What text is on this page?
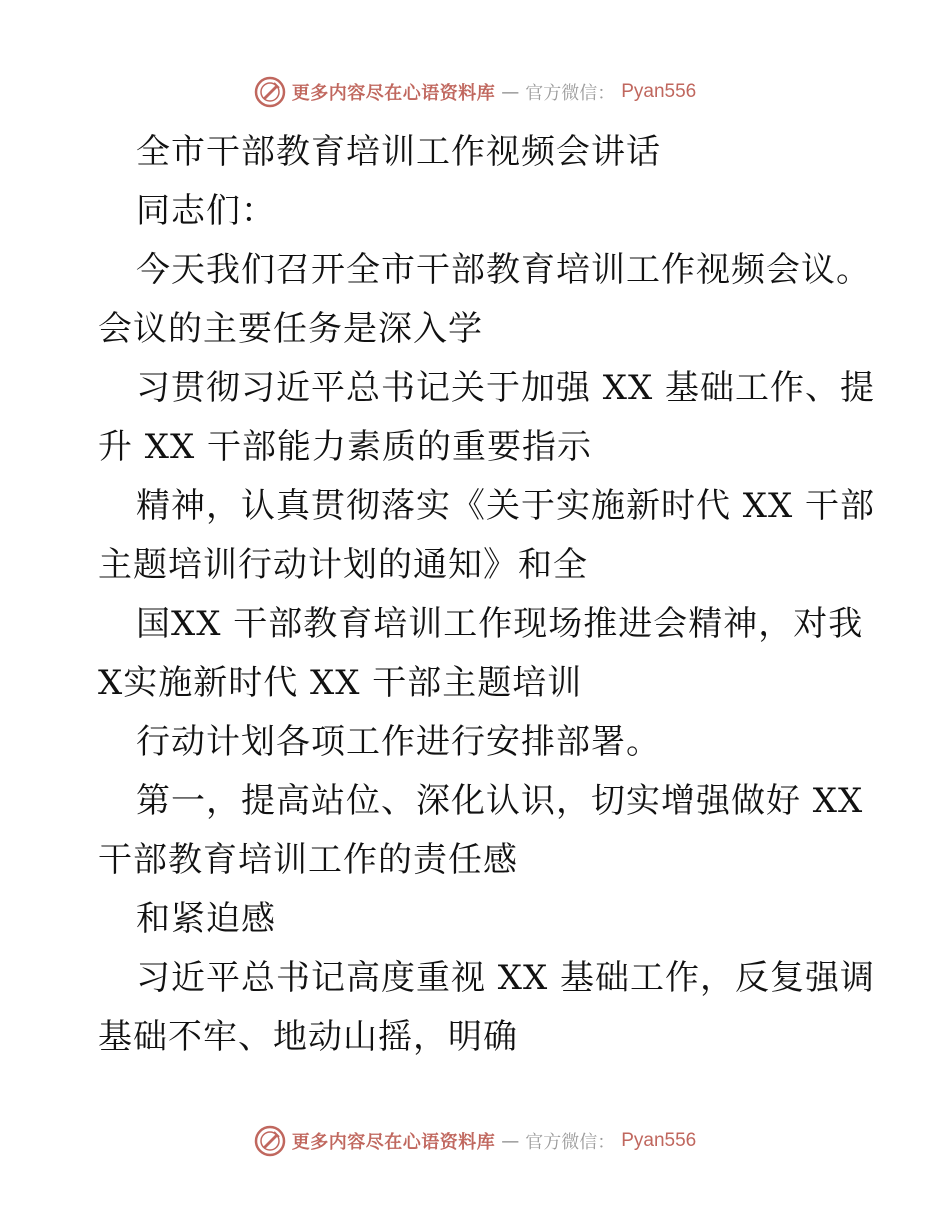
更多内容尽在心语资料库 — 官方微信： Pyan556
全市干部教育培训工作视频会讲话
同志们：
今天我们召开全市干部教育培训工作视频会议。
会议的主要任务是深入学
习贯彻习近平总书记关于加强 XX 基础工作、提
升 XX 干部能力素质的重要指示
精神，认真贯彻落实《关于实施新时代 XX 干部
主题培训行动计划的通知》和全
国XX 干部教育培训工作现场推进会精神，对我
X实施新时代 XX 干部主题培训
行动计划各项工作进行安排部署。
第一，提高站位、深化认识，切实增强做好 XX
干部教育培训工作的责任感
和紧迫感
习近平总书记高度重视 XX 基础工作，反复强调
基础不牢、地动山摇，明确
更多内容尽在心语资料库 — 官方微信： Pyan556
